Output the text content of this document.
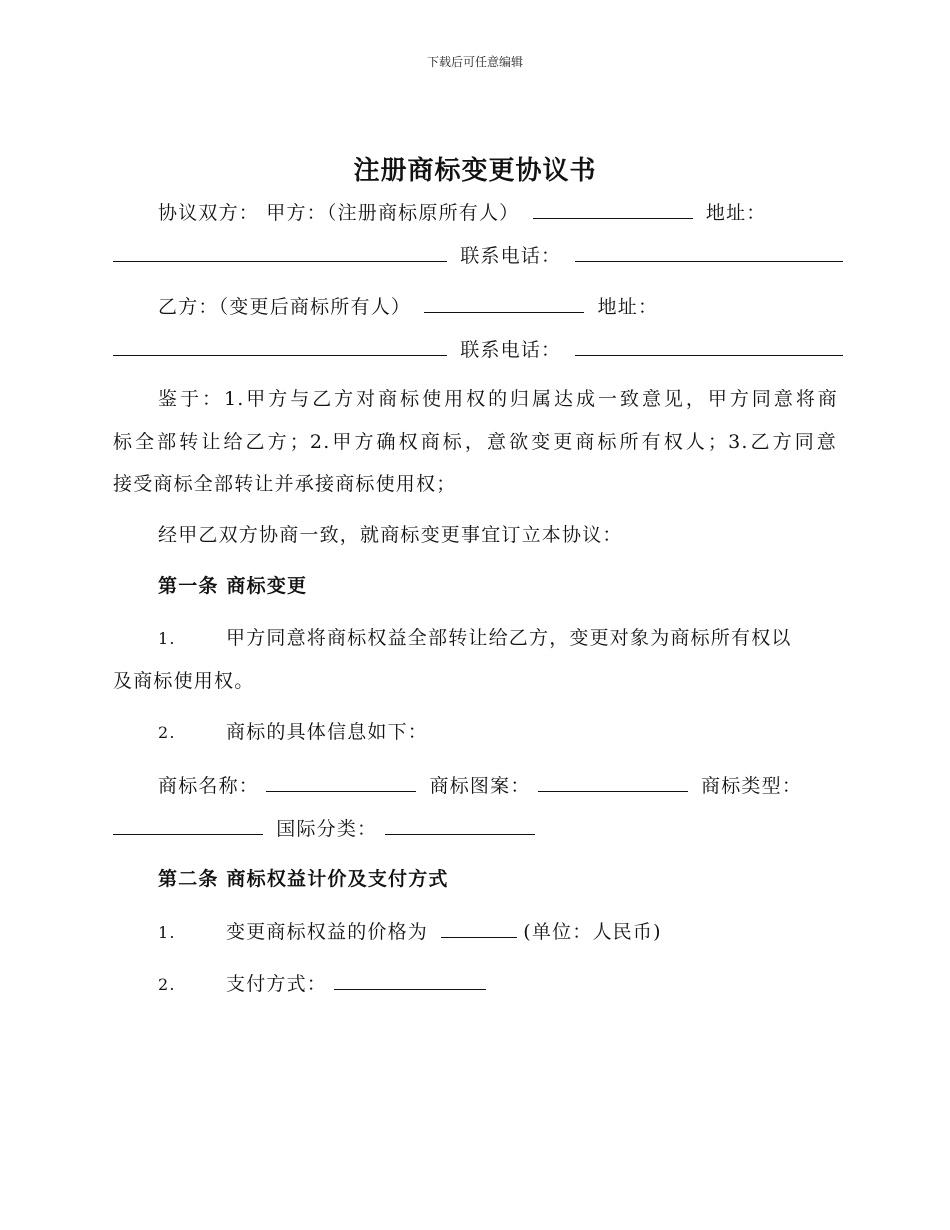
下载后可任意编辑
注册商标变更协议书
协议双方： 甲方：（注册商标原所有人）	地址：
联系电话：
乙方：（变更后商标所有人）	地址：
联系电话：
鉴于：1.甲方与乙方对商标使用权的归属达成一致意见，甲方同意将商
标全部转让给乙方；2.甲方确权商标，意欲变更商标所有权人；3.乙方同意
接受商标全部转让并承接商标使用权；
经甲乙双方协商一致，就商标变更事宜订立本协议：
第一条 商标变更
1.	甲方同意将商标权益全部转让给乙方，变更对象为商标所有权以
及商标使用权。
2.	商标的具体信息如下：
商标名称：	商标图案：	商标类型：
国际分类：
第二条 商标权益计价及支付方式
1.	变更商标权益的价格为	(单位：人民币)
2.	支付方式：
